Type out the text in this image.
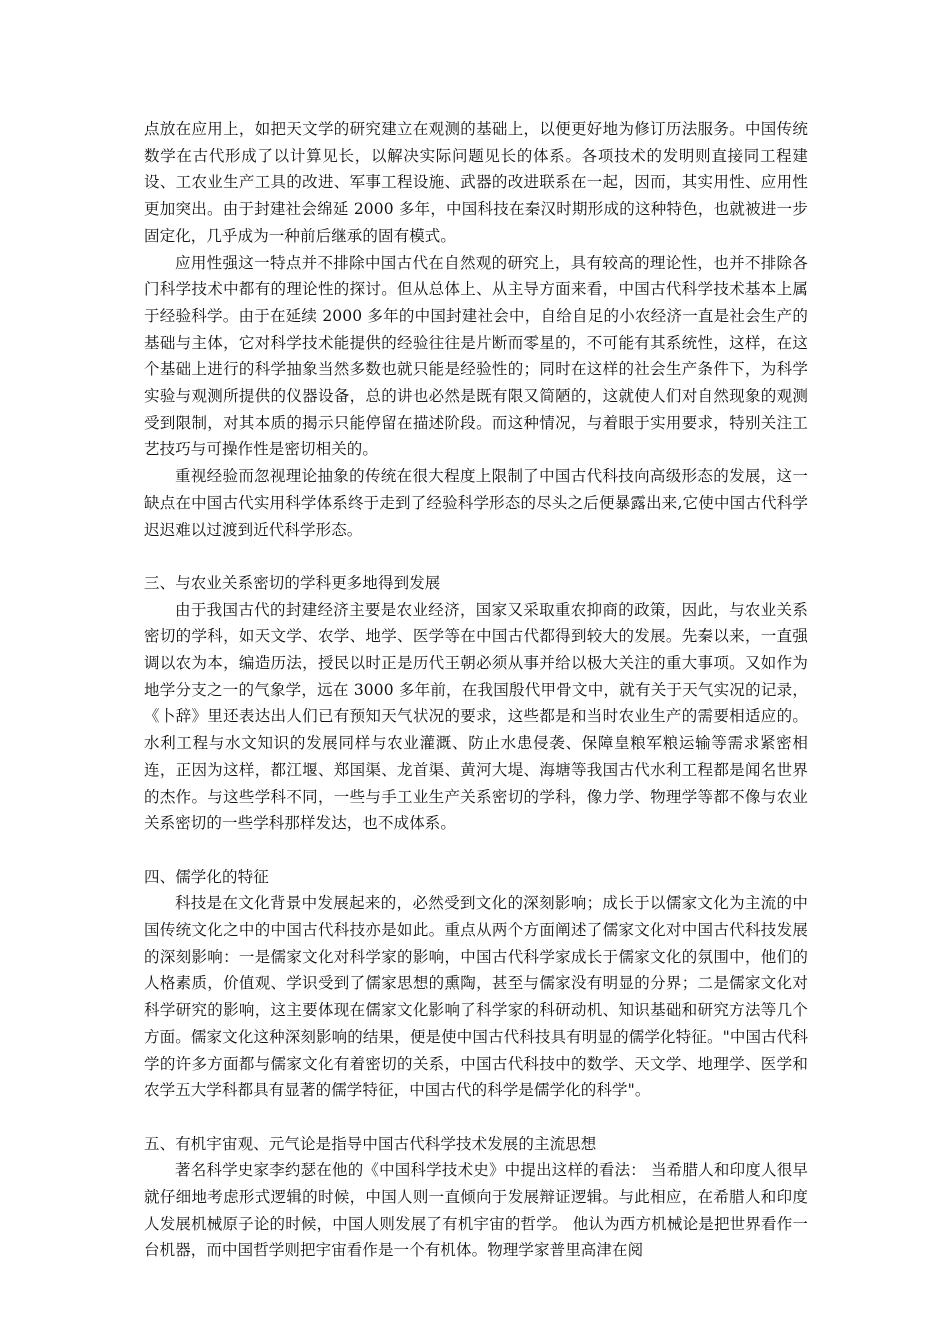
点放在应用上，如把天文学的研究建立在观测的基础上，以便更好地为修订历法服务。中国传统数学在古代形成了以计算见长，以解决实际问题见长的体系。各项技术的发明则直接同工程建设、工农业生产工具的改进、军事工程设施、武器的改进联系在一起，因而，其实用性、应用性更加突出。由于封建社会绵延 2000 多年，中国科技在秦汉时期形成的这种特色，也就被进一步固定化，几乎成为一种前后继承的固有模式。

应用性强这一特点并不排除中国古代在自然观的研究上，具有较高的理论性，也并不排除各门科学技术中都有的理论性的探讨。但从总体上、从主导方面来看，中国古代科学技术基本上属于经验科学。由于在延续 2000 多年的中国封建社会中，自给自足的小农经济一直是社会生产的基础与主体，它对科学技术能提供的经验往往是片断而零星的，不可能有其系统性，这样，在这个基础上进行的科学抽象当然多数也就只能是经验性的；同时在这样的社会生产条件下，为科学实验与观测所提供的仪器设备，总的讲也必然是既有限又简陋的，这就使人们对自然现象的观测受到限制，对其本质的揭示只能停留在描述阶段。而这种情况，与着眼于实用要求，特别关注工艺技巧与可操作性是密切相关的。

重视经验而忽视理论抽象的传统在很大程度上限制了中国古代科技向高级形态的发展，这一缺点在中国古代实用科学体系终于走到了经验科学形态的尽头之后便暴露出来,它使中国古代科学迟迟难以过渡到近代科学形态。

三、与农业关系密切的学科更多地得到发展

由于我国古代的封建经济主要是农业经济，国家又采取重农抑商的政策，因此，与农业关系密切的学科，如天文学、农学、地学、医学等在中国古代都得到较大的发展。先秦以来，一直强调以农为本，编造历法，授民以时正是历代王朝必须从事并给以极大关注的重大事项。又如作为地学分支之一的气象学，远在 3000 多年前，在我国殷代甲骨文中，就有关于天气实况的记录，《卜辞》里还表达出人们已有预知天气状况的要求，这些都是和当时农业生产的需要相适应的。水利工程与水文知识的发展同样与农业灌溉、防止水患侵袭、保障皇粮军粮运输等需求紧密相连，正因为这样，都江堰、郑国渠、龙首渠、黄河大堤、海塘等我国古代水利工程都是闻名世界的杰作。与这些学科不同，一些与手工业生产关系密切的学科，像力学、物理学等都不像与农业关系密切的一些学科那样发达，也不成体系。

四、儒学化的特征

科技是在文化背景中发展起来的，必然受到文化的深刻影响；成长于以儒家文化为主流的中国传统文化之中的中国古代科技亦是如此。重点从两个方面阐述了儒家文化对中国古代科技发展的深刻影响：一是儒家文化对科学家的影响，中国古代科学家成长于儒家文化的氛围中，他们的人格素质，价值观、学识受到了儒家思想的熏陶，甚至与儒家没有明显的分界；二是儒家文化对科学研究的影响，这主要体现在儒家文化影响了科学家的科研动机、知识基础和研究方法等几个方面。儒家文化这种深刻影响的结果，便是使中国古代科技具有明显的儒学化特征。"中国古代科学的许多方面都与儒家文化有着密切的关系，中国古代科技中的数学、天文学、地理学、医学和农学五大学科都具有显著的儒学特征，中国古代的科学是儒学化的科学"。

五、有机宇宙观、元气论是指导中国古代科学技术发展的主流思想

著名科学史家李约瑟在他的《中国科学技术史》中提出这样的看法： 当希腊人和印度人很早就仔细地考虑形式逻辑的时候，中国人则一直倾向于发展辩证逻辑。与此相应，在希腊人和印度人发展机械原子论的时候，中国人则发展了有机宇宙的哲学。 他认为西方机械论是把世界看作一台机器，而中国哲学则把宇宙看作是一个有机体。物理学家普里高津在阅
